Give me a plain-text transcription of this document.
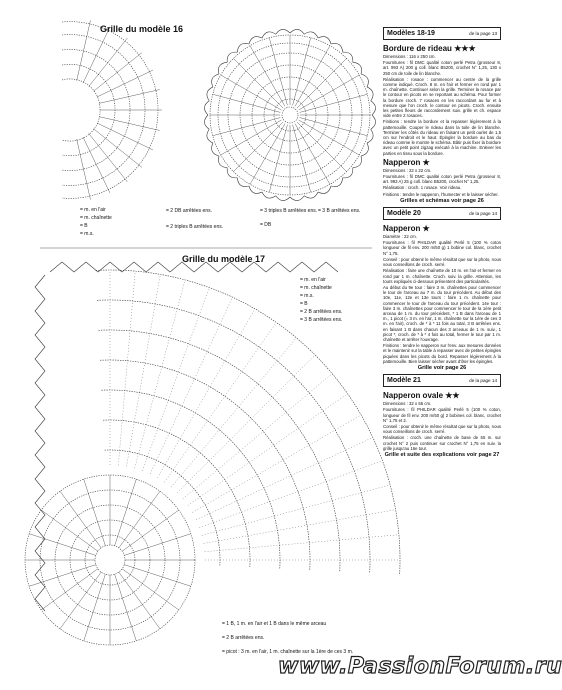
Grille du modèle 16
= m. en l'air
= m. chaînette
= B
= m.s.
= 2 DB arrêtées ens.
= 2 triples B arrêtées ens.
= 3 triples B arrêtées ens.
= DB
= 3 B arrêtées ens.
Grille du modèle 17
= m. en l'air
= m. chaînette
= m.s.
= B
= 2 B arrêtées ens.
= 3 B arrêtées ens.
= 1 B, 1 m. en l'air et 1 B dans le même arceau
= 2 B arrêtées ens.
= picot : 3 m. en l'air, 1 m. chaînette sur la 1ère de ces 3 m.
Modèles 18-19	de la page 13
Bordure de rideau ★★★

Dimensions : 116 x 250 cm.

Fournitures : fil DMC qualité coton perlé Petra (grosseur 8, art. 993 A) 200 g coll. blanc B5200, crochet N° 1,25, 130 x 250 cm de toile de lin blanche.

Réalisation : rosace : commencer au centre de la grille comme indiqué. Croch. 8 m. en l'air et fermer en rond par 1 m. chaînette. Continuer selon la grille. Terminer la rosace par le contour en picots en se reportant au schéma. Pour former la bordure croch. 7 rosaces en les raccordant au fur et à mesure que l'on croch. le contour en picots. Croch. ensuite les petites fleurs de raccordement suiv. grille et ch. espace vide entre 2 rosaces.

Finitions : tendre la bordure et la repasser légèrement à la pattemouille. Couper le rideau dans la toile de lin blanche. Terminer les côtés du rideau en faisant un petit ourlet de 1,5 cm sur l'endroit et le haut. Épingler la bordure au bas du rideau comme le montre le schéma. Bâtir puis fixer la bordure avec un petit point zigzag exécuté à la machine. Enlever les parties en tissu sous la bordure.

Napperon ★

Dimensions : 22 x 22 cm.

Fournitures : fil DMC qualité coton perlé Petra (grosseur 8, art. 993 A) 25 g coll. blanc B5200, crochet N° 1,25.

Réalisation : croch. 1 rosace. Voir rideau.

Finitions : tendre le napperon, l'humecter et le laisser sécher.

Grilles et schémas voir page 26
Modèle 20	de la page 14
Napperon ★

Diamètre : 22 cm.

Fournitures : fil PHILDAR qualité Perlé 5 (100 % coton longueur de fil env. 200 m/50 g) 1 bobine col. blanc, crochet N° 1,75.

Conseil : pour obtenir le même résultat que sur la photo, nous vous conseillons de croch. serré.

Réalisation : faire une chaînette de 10 m. en l'air et fermer en rond par 1 m. chaînette. Croch. suiv. la grille. Attention, les tours expliqués ci-dessous présentent des particularités.

Au début du 9e tour : faire 3 m. chaînettes pour commencer le tour de l'arceau au 7 m. du tour précédent. Au début des 10e, 11e, 12e et 13e tours : faire 1 m. chaînette pour commencer le tour de l'arceau du tour précédent. 14e tour : faire 3 m. chaînettes pour commencer le tour de la 1ère petit arceau de 1 m. du tour précédent, * 1 B dans l'arceau de 1 m., 1 picot (= 3 m. en l'air, 1 m. chaînette sur la 1ère de ces 3 m. en l'air), croch. de * à * 11 fois au total, 3 B arrêtées ens. en faisant 1 B dans chacun des 3 arceaux de 1 m. suiv., 1 picot *, croch. de * à * 4 fois au total, fermer le tour par 1 m. chaînette et arrêter l'ouvrage.

Finitions : tendre le napperon sur l'env. aux mesures données et le maintenir sur la table à repasser avec de petites épingles piquées dans les picots du bord. Repasser légèrement à la pattemouille. Bien laisser sécher avant d'ôter les épingles.

Grille voir page 26
Modèle 21	de la page 14
Napperon ovale ★★

Dimensions : 32 x 55 cm.

Fournitures : fil PHILDAR qualité Perlé 5 (100 % coton, longueur de fil env. 200 m/50 g) 2 bobines col. blanc, crochet N° 1,75 et 2.

Conseil : pour obtenir le même résultat que sur la photo, nous vous conseillons de croch. serré.

Réalisation : croch. une chaînette de base de 55 m. sur crochet N° 2 puis continuer sur crochet N° 1,75 en suiv. la grille jusqu'au 16e tour.

Grille et suite des explications voir page 27
www.PassionForum.ru
